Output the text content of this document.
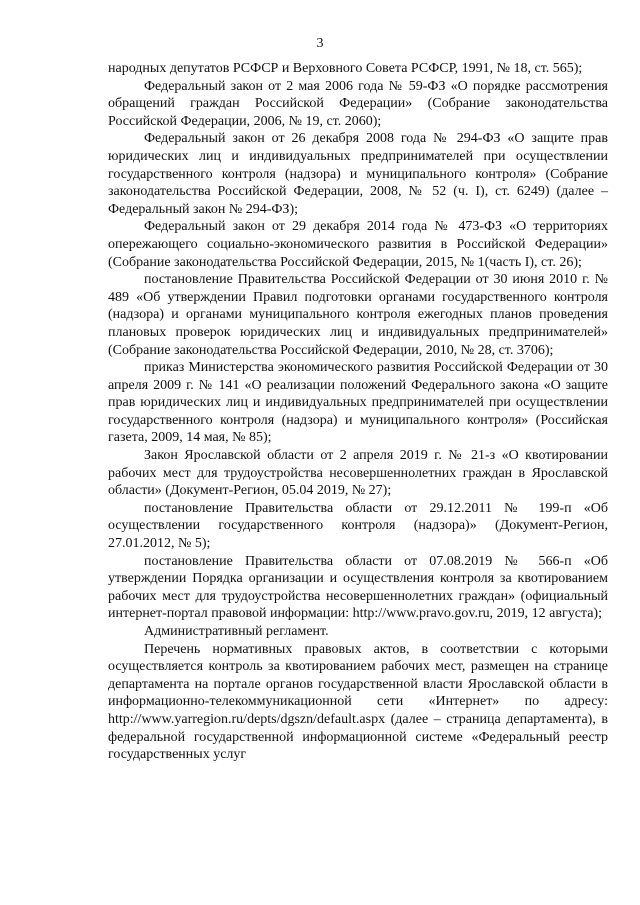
3

народных депутатов РСФСР и Верховного Совета РСФСР, 1991, № 18, ст. 565);

Федеральный закон от 2 мая 2006 года № 59-ФЗ «О порядке рассмотрения обращений граждан Российской Федерации» (Собрание законодательства Российской Федерации, 2006, № 19, ст. 2060);

Федеральный закон от 26 декабря 2008 года № 294-ФЗ «О защите прав юридических лиц и индивидуальных предпринимателей при осуществлении государственного контроля (надзора) и муниципального контроля» (Собрание законодательства Российской Федерации, 2008, № 52 (ч. I), ст. 6249) (далее – Федеральный закон № 294-ФЗ);

Федеральный закон от 29 декабря 2014 года № 473-ФЗ «О территориях опережающего социально-экономического развития в Российской Федерации» (Собрание законодательства Российской Федерации, 2015, № 1(часть I), ст. 26);

постановление Правительства Российской Федерации от 30 июня 2010 г. № 489 «Об утверждении Правил подготовки органами государственного контроля (надзора) и органами муниципального контроля ежегодных планов проведения плановых проверок юридических лиц и индивидуальных предпринимателей» (Собрание законодательства Российской Федерации, 2010, № 28, ст. 3706);

приказ Министерства экономического развития Российской Федерации от 30 апреля 2009 г. № 141 «О реализации положений Федерального закона «О защите прав юридических лиц и индивидуальных предпринимателей при осуществлении государственного контроля (надзора) и муниципального контроля» (Российская газета, 2009, 14 мая, № 85);

Закон Ярославской области от 2 апреля 2019 г. № 21-з «О квотировании рабочих мест для трудоустройства несовершеннолетних граждан в Ярославской области» (Документ-Регион, 05.04 2019, № 27);

постановление Правительства области от 29.12.2011 № 199-п «Об осуществлении государственного контроля (надзора)» (Документ-Регион, 27.01.2012, № 5);

постановление Правительства области от 07.08.2019 № 566-п «Об утверждении Порядка организации и осуществления контроля за квотированием рабочих мест для трудоустройства несовершеннолетних граждан» (официальный интернет-портал правовой информации: http://www.pravo.gov.ru, 2019, 12 августа);

Административный регламент.

Перечень нормативных правовых актов, в соответствии с которыми осуществляется контроль за квотированием рабочих мест, размещен на странице департамента на портале органов государственной власти Ярославской области в информационно-телекоммуникационной сети «Интернет» по адресу: http://www.yarregion.ru/depts/dgszn/default.aspx (далее – страница департамента), в федеральной государственной информационной системе «Федеральный реестр государственных услуг
